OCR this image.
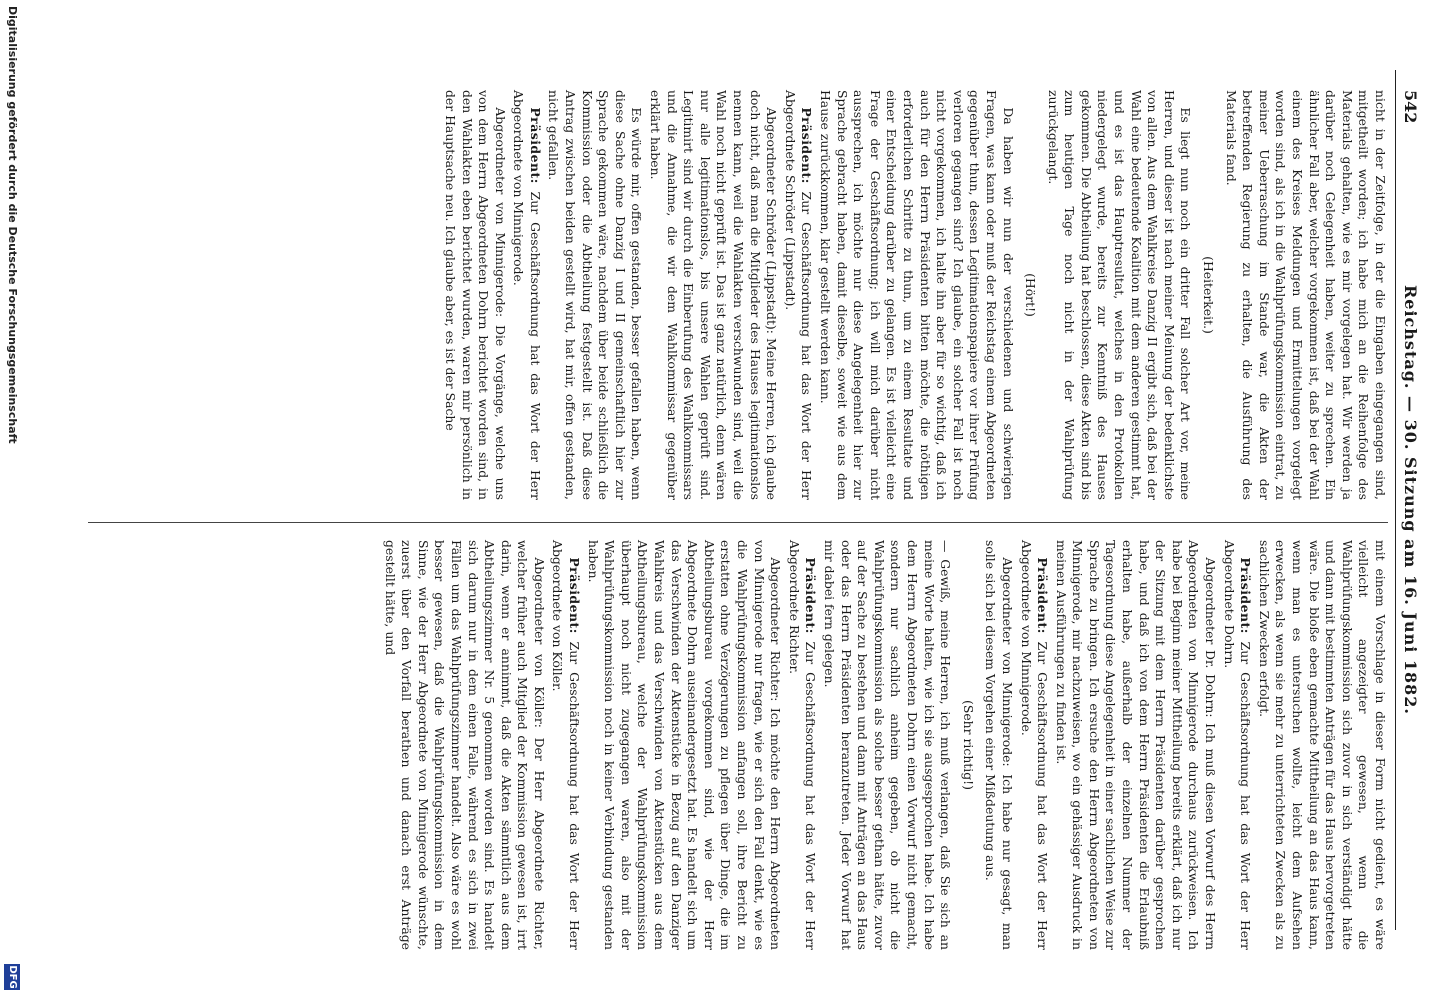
542
Reichstag. — 30. Sitzung am 16. Juni 1882.

nicht in der Zeitfolge, in der die Eingaben eingegangen sind, mitgetheilt worden; ich habe mich an die Reihenfolge des Materials gehalten, wie es mir vorgelegen hat. Wir werden ja darüber noch Gelegenheit haben, weiter zu sprechen. Ein ähnlicher Fall aber, welcher vorgekommen ist, daß bei der Wahl einem des Kreises Meldungen und Ermittelungen vorgelegt worden sind, als ich in die Wahlprüfungskommission eintrat, zu meiner Ueberraschung im Stande war, die Akten der betreffenden Regierung zu erhalten, die Ausführung des Materials fand.

(Heiterkeit.)

Es liegt nun noch ein dritter Fall solcher Art vor, meine Herren, und dieser ist nach meiner Meinung der bedenklichste von allen. Aus dem Wahlkreise Danzig II ergibt sich, daß bei der Wahl eine bedeutende Koalition mit dem anderen gestimmt hat, und es ist das Hauptresultat, welches in den Protokollen niedergelegt wurde, bereits zur Kenntniß des Hauses gekommen. Die Abtheilung hat beschlossen, diese Akten sind bis zum heutigen Tage noch nicht in der Wahlprüfung zurückgelangt.

(Hört!)

Da haben wir nun der verschiedenen und schwierigen Fragen, was kann oder muß der Reichstag einem Abgeordneten gegenüber thun, dessen Legitimationspapiere vor ihrer Prüfung verloren gegangen sind? Ich glaube, ein solcher Fall ist noch nicht vorgekommen, ich halte ihn aber für so wichtig, daß ich auch für den Herrn Präsidenten bitten möchte, die nöthigen erforderlichen Schritte zu thun, um zu einem Resultate und einer Entscheidung darüber zu gelangen. Es ist vielleicht eine Frage der Geschäftsordnung; ich will mich darüber nicht aussprechen, ich möchte nur diese Angelegenheit hier zur Sprache gebracht haben, damit dieselbe, soweit wie aus dem Hause zurückkommen, klar gestellt werden kann.

Präsident: Zur Geschäftsordnung hat das Wort der Herr Abgeordnete Schröder (Lippstadt).

Abgeordneter Schröder (Lippstadt): Meine Herren, ich glaube doch nicht, daß man die Mitglieder des Hauses legitimationslos nennen kann, weil die Wahlakten verschwunden sind, weil die Wahl noch nicht geprüft ist. Das ist ganz natürlich, denn wären nur alle legitimationslos, bis unsere Wahlen geprüft sind. Legitimirt sind wir durch die Einberufung des Wahlkommissars und die Annahme, die wir dem Wahlkommissar gegenüber erklärt haben.

Es würde mir, offen gestanden, besser gefallen haben, wenn diese Sache ohne Danzig I und II gemeinschaftlich hier zur Sprache gekommen wäre, nachdem über beide schließlich die Kommission oder die Abtheilung festgestellt ist. Daß diese Antrag zwischen beiden gestellt wird, hat mir, offen gestanden, nicht gefallen.

Präsident: Zur Geschäftsordnung hat das Wort der Herr Abgeordnete von Minnigerode.

Abgeordneter von Minnigerode: Die Vorgänge, welche uns von dem Herrn Abgeordneten Dohrn berichtet worden sind, in den Wahlakten eben berichtet wurden, waren mir persönlich in der Hauptsache neu. Ich glaube aber, es ist der Sache

mit einem Vorschlage in dieser Form nicht gedient, es wäre vielleicht angezeigter gewesen, wenn die Wahlprüfungskommission sich zuvor in sich verständigt hätte und dann mit bestimmten Anträgen für das Haus hervorgetreten wäre. Die bloße eben gemachte Mittheilung an das Haus kann, wenn man es untersuchen wollte, leicht dem Aufsehen erwecken, als wenn sie mehr zu unterrichteten Zwecken als zu sachlichen Zwecken erfolgt.

Präsident: Zur Geschäftsordnung hat das Wort der Herr Abgeordnete Dohrn.

Abgeordneter Dr. Dohrn: Ich muß diesen Vorwurf des Herrn Abgeordneten von Minnigerode durchaus zurückweisen. Ich habe bei Beginn meiner Mittheilung bereits erklärt, daß ich nur der Sitzung mit dem Herrn Präsidenten darüber gesprochen habe, und daß ich von dem Herrn Präsidenten die Erlaubniß erhalten habe, außerhalb der einzelnen Nummer der Tagesordnung diese Angelegenheit in einer sachlichen Weise zur Sprache zu bringen. Ich ersuche den Herrn Abgeordneten von Minnigerode, mir nachzuweisen, wo ein gehässiger Ausdruck in meinen Ausführungen zu finden ist.

Präsident: Zur Geschäftsordnung hat das Wort der Herr Abgeordnete von Minnigerode.

Abgeordneter von Minnigerode: Ich habe nur gesagt, man solle sich bei diesem Vorgehen einer Mißdeutung aus.

(Sehr richtig!)

— Gewiß, meine Herren, ich muß verlangen, daß Sie sich an meine Worte halten, wie ich sie ausgesprochen habe. Ich habe dem Herrn Abgeordneten Dohrn einen Vorwurf nicht gemacht, sondern nur sachlich anheim gegeben, ob nicht die Wahlprüfungskommission als solche besser gethan hätte, zuvor auf der Sache zu bestehen und dann mit Anträgen an das Haus oder das Herrn Präsidenten heranzutreten. Jeder Vorwurf hat mir dabei fern gelegen.

Präsident: Zur Geschäftsordnung hat das Wort der Herr Abgeordnete Richter.

Abgeordneter Richter: Ich möchte den Herrn Abgeordneten von Minnigerode nur fragen, wie er sich den Fall denkt, wie es die Wahlprüfungskommission anfangen soll, ihre Bericht zu erstatten ohne Verzögerungen zu pflegen über Dinge, die im Abtheilungsbureau vorgekommen sind, wie der Herr Abgeordnete Dohrn auseinandergesetzt hat. Es handelt sich um das Verschwinden der Aktenstücke in Bezug auf den Danziger Wahlkreis und das Verschwinden von Aktenstücken aus dem Abtheilungsbureau, welche der Wahlprüfungskommission überhaupt noch nicht zugegangen waren, also mit der Wahlprüfungskommission noch in keiner Verbindung gestanden haben.

Präsident: Zur Geschäftsordnung hat das Wort der Herr Abgeordnete von Köller.

Abgeordneter von Köller: Der Herr Abgeordnete Richter, welcher früher auch Mitglied der Kommission gewesen ist, irrt darin, wenn er annimmt, daß die Akten sämmtlich aus dem Abtheilungszimmer Nr. 5 genommen worden sind. Es handelt sich darum nur in dem einen Falle, während es sich in zwei Fällen um das Wahlprüfungszimmer handelt. Also wäre es wohl besser gewesen, daß die Wahlprüfungskommission in dem Sinne, wie der Herr Abgeordnete von Minnigerode wünschte, zuerst über den Vorfall berathen und danach erst Anträge gestellt hätte, und

Digitalisierung gefördert durch die Deutsche Forschungsgemeinschaft
DFG
